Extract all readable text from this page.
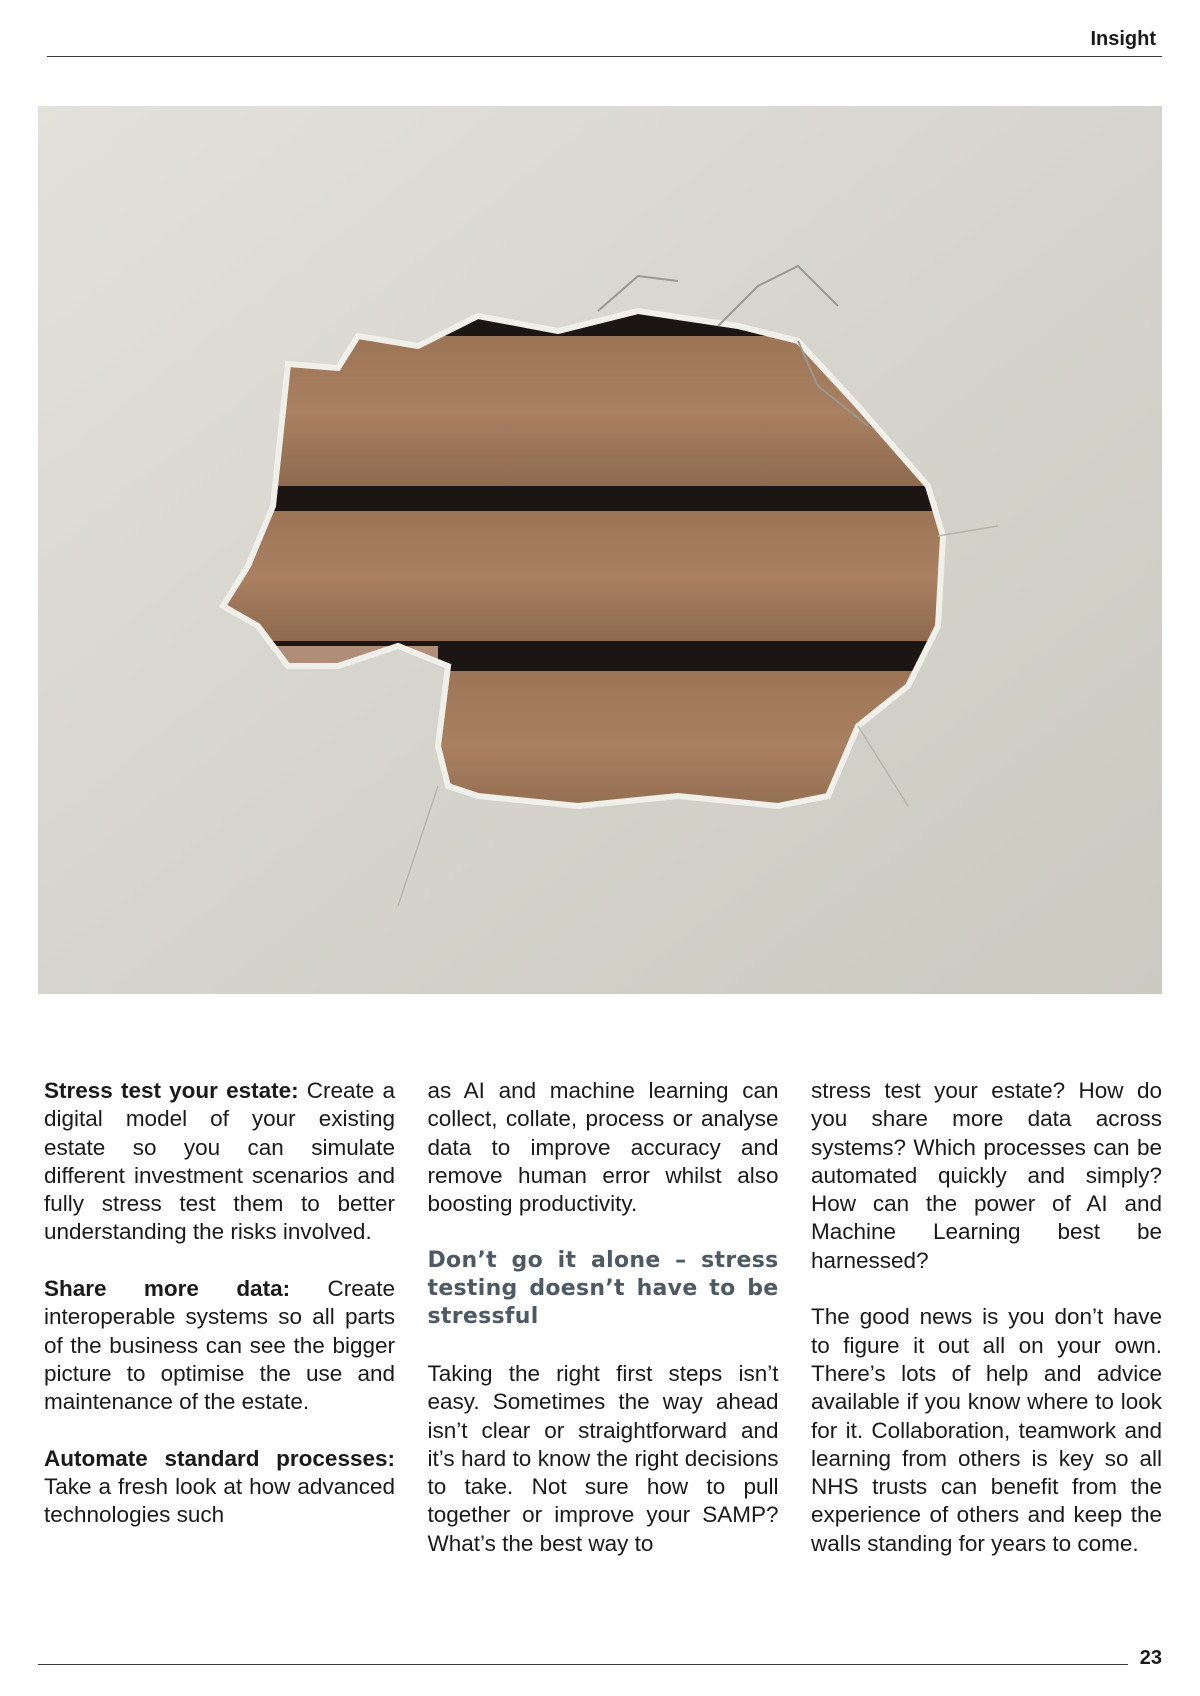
Insight

Stress test your estate: Create a digital model of your existing estate so you can simulate different investment scenarios and fully stress test them to better understanding the risks involved.

Share more data: Create interoperable systems so all parts of the business can see the bigger picture to optimise the use and maintenance of the estate.

Automate standard processes: Take a fresh look at how advanced technologies such

as AI and machine learning can collect, collate, process or analyse data to improve accuracy and remove human error whilst also boosting productivity.

Don’t go it alone – stress testing doesn’t have to be stressful

Taking the right first steps isn’t easy. Sometimes the way ahead isn’t clear or straightforward and it’s hard to know the right decisions to take. Not sure how to pull together or improve your SAMP? What’s the best way to

stress test your estate? How do you share more data across systems? Which processes can be automated quickly and simply? How can the power of AI and Machine Learning best be harnessed?

The good news is you don’t have to figure it out all on your own. There’s lots of help and advice available if you know where to look for it. Collaboration, teamwork and learning from others is key so all NHS trusts can benefit from the experience of others and keep the walls standing for years to come.

23
